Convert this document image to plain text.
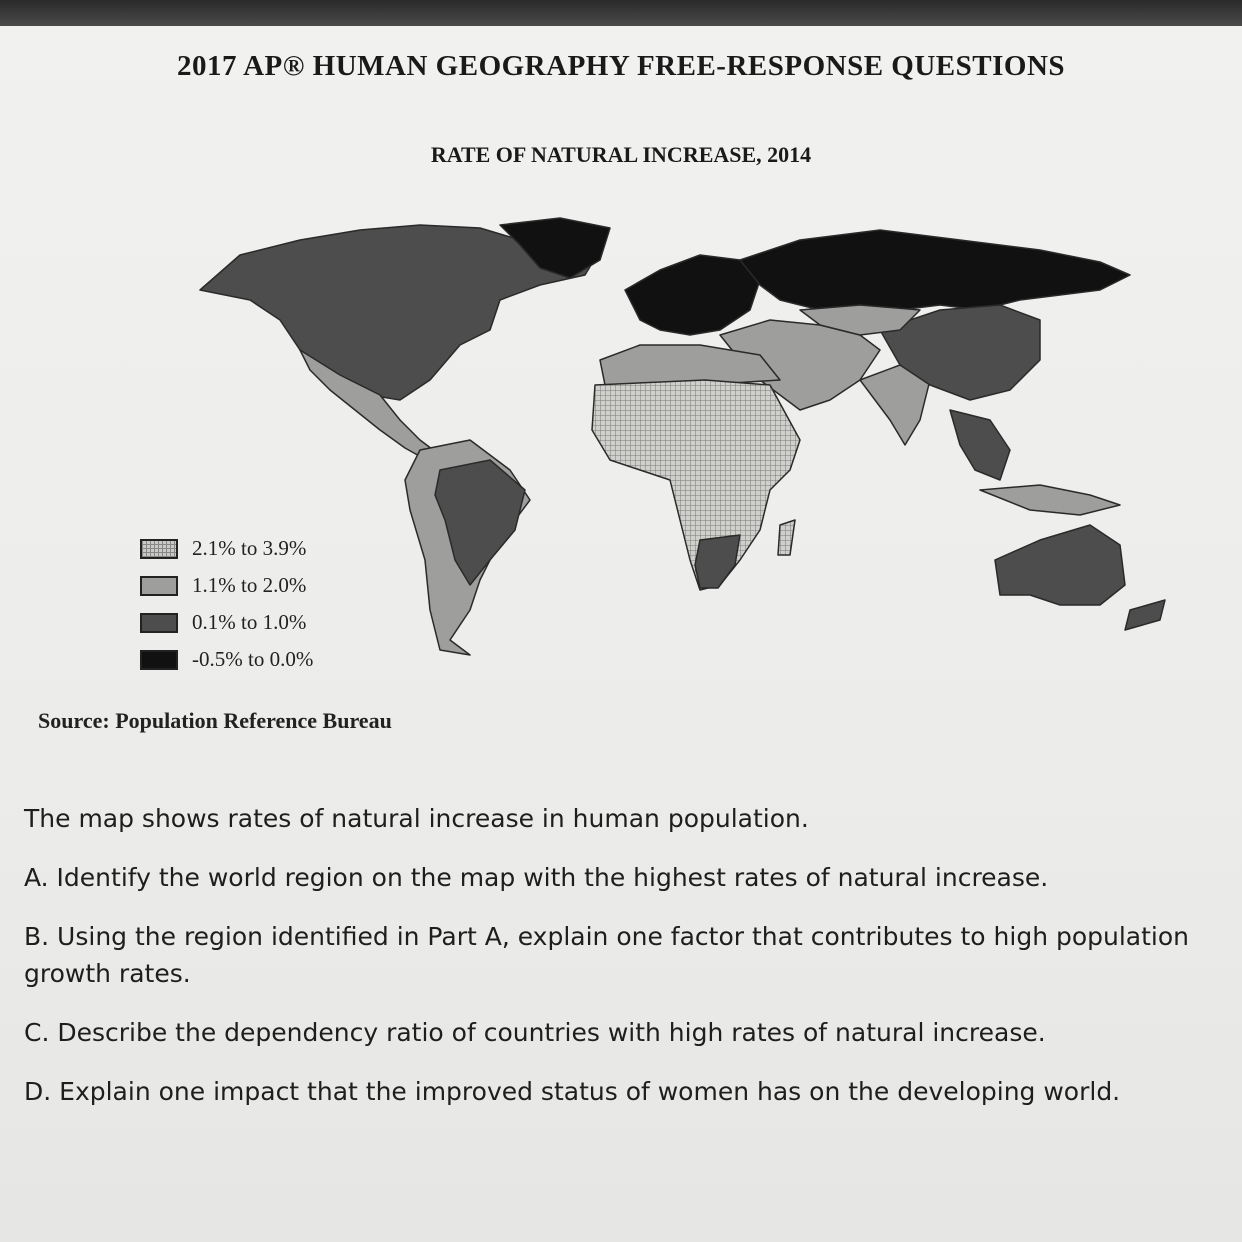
2017 AP® HUMAN GEOGRAPHY FREE-RESPONSE QUESTIONS
RATE OF NATURAL INCREASE, 2014
2.1% to 3.9%
1.1% to 2.0%
0.1% to 1.0%
-0.5% to 0.0%
Source: Population Reference Bureau

The map shows rates of natural increase in human population.

A. Identify the world region on the map with the highest rates of natural increase.

B. Using the region identified in Part A, explain one factor that contributes to high population growth rates.

C. Describe the dependency ratio of countries with high rates of natural increase.

D. Explain one impact that the improved status of women has on the developing world.
